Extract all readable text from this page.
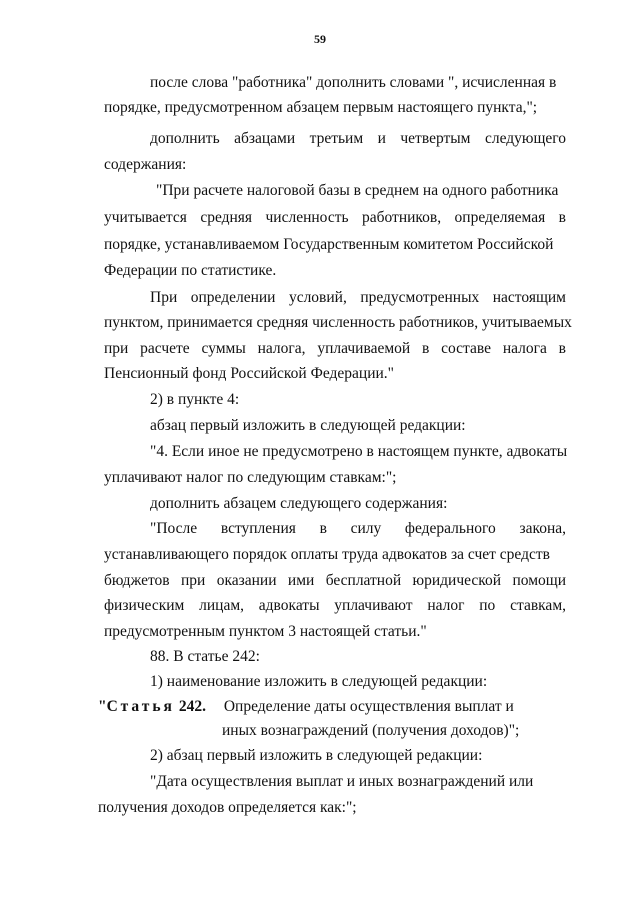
59
после слова "работника" дополнить словами ", исчисленная в
порядке, предусмотренном абзацем первым настоящего пункта,";
дополнить абзацами третьим и четвертым следующего
содержания:
"При расчете налоговой базы в среднем на одного работника
учитывается средняя численность работников, определяемая в
порядке, устанавливаемом Государственным комитетом Российской
Федерации по статистике.
При определении условий, предусмотренных настоящим
пунктом, принимается средняя численность работников, учитываемых
при расчете суммы налога, уплачиваемой в составе налога в
Пенсионный фонд Российской Федерации."
2) в пункте 4:
абзац первый изложить в следующей редакции:
"4. Если иное не предусмотрено в настоящем пункте, адвокаты
уплачивают налог по следующим ставкам:";
дополнить абзацем следующего содержания:
"После вступления в силу федерального закона,
устанавливающего порядок оплаты труда адвокатов за счет средств
бюджетов при оказании ими бесплатной юридической помощи
физическим лицам, адвокаты уплачивают налог по ставкам,
предусмотренным пунктом 3 настоящей статьи."
88. В статье 242:
1) наименование изложить в следующей редакции:
"Статья 242. Определение даты осуществления выплат и
иных вознаграждений (получения доходов)";
2) абзац первый изложить в следующей редакции:
"Дата осуществления выплат и иных вознаграждений или
получения доходов определяется как:";
